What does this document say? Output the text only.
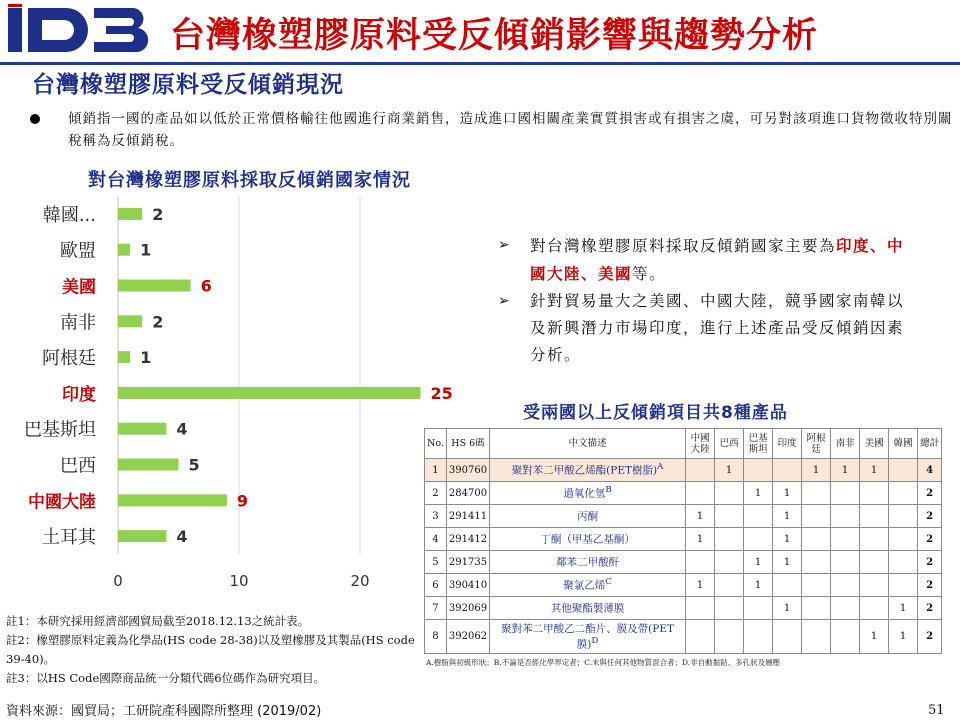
台灣橡塑膠原料受反傾銷影響與趨勢分析
台灣橡塑膠原料受反傾銷現況
傾銷指一國的產品如以低於正常價格輸往他國進行商業銷售，造成進口國相關產業實質損害或有損害之虞，可另對該項進口貨物徵收特別關稅稱為反傾銷稅。
對台灣橡塑膠原料採取反傾銷國家情況
韓國...	2
歐盟	1
美國	6
南非	2
阿根廷	1
印度	25
巴基斯坦	4
巴西	5
中國大陸	9
土耳其	4
0	10	20
➢ 對台灣橡塑膠原料採取反傾銷國家主要為印度、中國大陸、美國等。
➢ 針對貿易量大之美國、中國大陸，競爭國家南韓以及新興潛力市場印度，進行上述產品受反傾銷因素分析。
受兩國以上反傾銷項目共8種產品
No.	HS 6碼	中文描述	中國大陸	巴西	巴基斯坦	印度	阿根廷	南非	美國	韓國	總計
1	390760	聚對苯二甲酸乙烯酯(PET樹脂)$^A$		1			1	1	1		4
2	284700	過氧化氫$^B$			1	1					2
3	291411	丙酮	1			1					2
4	291412	丁酮（甲基乙基酮）	1			1					2
5	291735	鄰苯二甲酸酐			1	1					2
6	390410	聚氯乙烯$^C$	1		1						2
7	392069	其他聚酯製薄膜				1				1	2
8	392062	聚對苯二甲酸乙二酯片、膜及帶(PET膜)$^D$							1	1	2
A.樹脂與初級形狀；B.不論是否經化學界定者；C.未與任何其他物質混合者；D.非自動黏貼、多孔狀及層壓
註1：本研究採用經濟部國貿局截至2018.12.13之統計表。
註2：橡塑膠原料定義為化學品(HS code 28-38)以及塑橡膠及其製品(HS code 39-40)。
註3：以HS Code國際商品統一分類代碼6位碼作為研究項目。
資料來源：國貿局；工研院產科國際所整理 (2019/02)	51
